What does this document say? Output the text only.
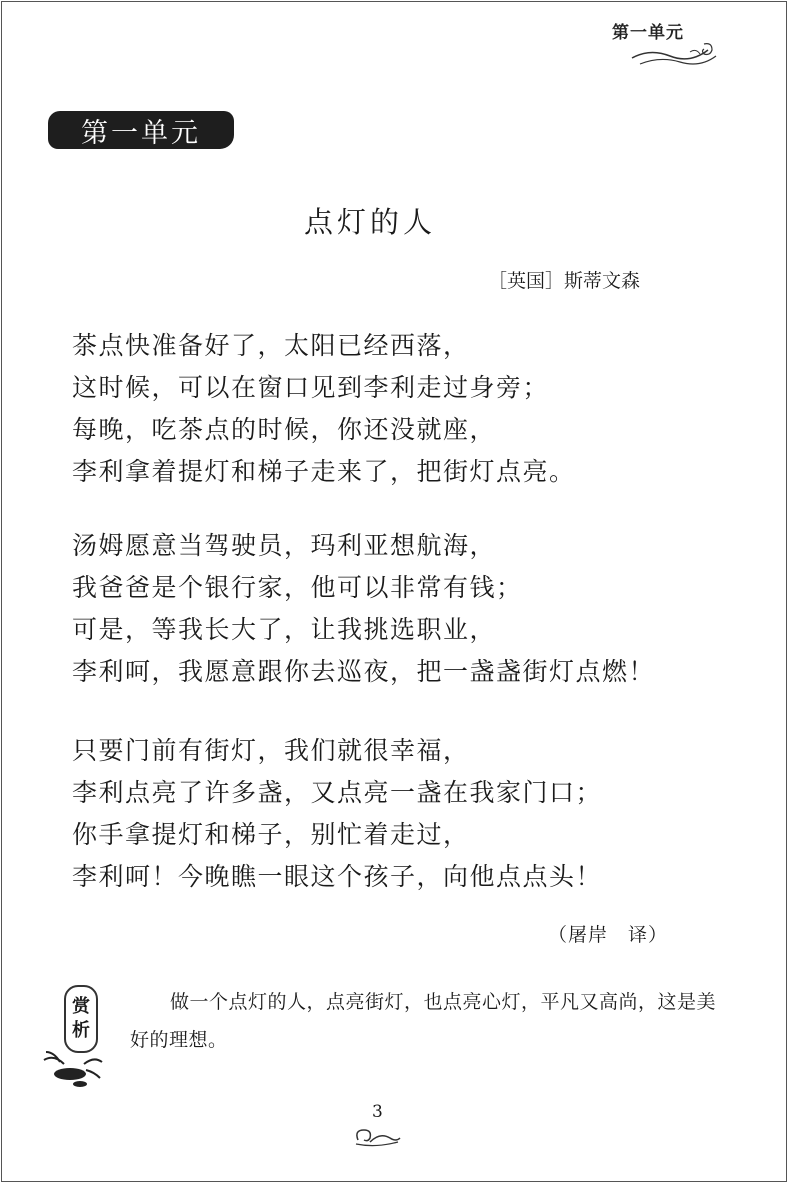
第一单元
第一单元
点灯的人
［英国］斯蒂文森
茶点快准备好了，太阳已经西落，
这时候，可以在窗口见到李利走过身旁；
每晚，吃茶点的时候，你还没就座，
李利拿着提灯和梯子走来了，把街灯点亮。
汤姆愿意当驾驶员，玛利亚想航海，
我爸爸是个银行家，他可以非常有钱；
可是，等我长大了，让我挑选职业，
李利呵，我愿意跟你去巡夜，把一盏盏街灯点燃！
只要门前有街灯，我们就很幸福，
李利点亮了许多盏，又点亮一盏在我家门口；
你手拿提灯和梯子，别忙着走过，
李利呵！今晚瞧一眼这个孩子，向他点点头！
（屠岸　译）
赏
析
做一个点灯的人，点亮街灯，也点亮心灯，平凡又高尚，这是美好的理想。
3
